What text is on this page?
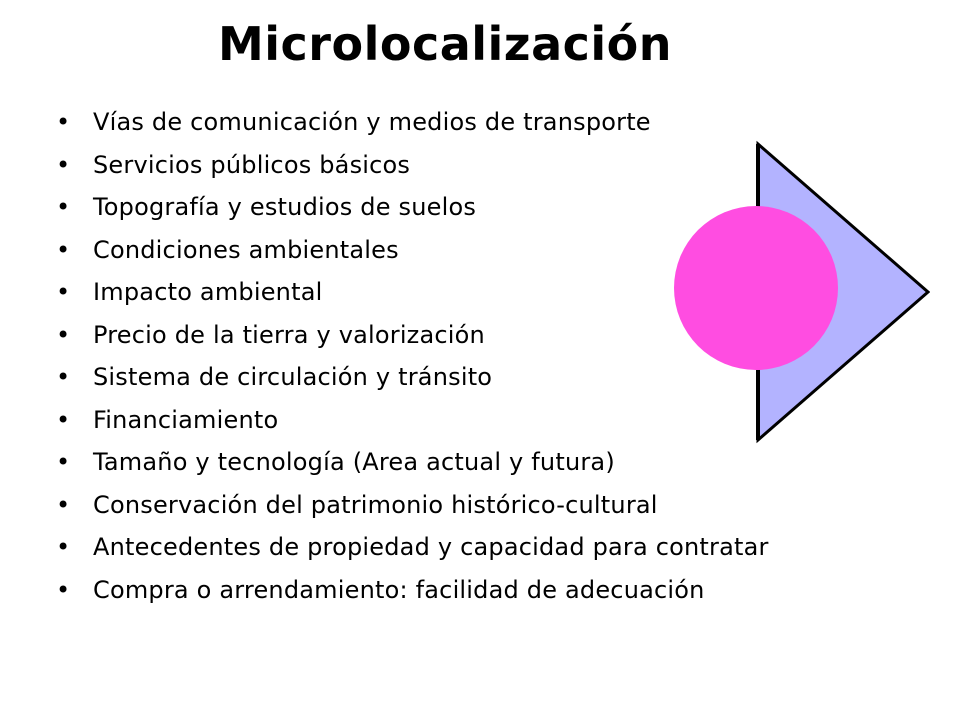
Microlocalización
• Vías de comunicación y medios de transporte
• Servicios públicos básicos
• Topografía y estudios de suelos
• Condiciones ambientales
• Impacto ambiental
• Precio de la tierra y valorización
• Sistema de circulación y tránsito
• Financiamiento
• Tamaño y tecnología (Area actual y futura)
• Conservación del patrimonio histórico-cultural
• Antecedentes de propiedad y capacidad para contratar
• Compra o arrendamiento: facilidad de adecuación
